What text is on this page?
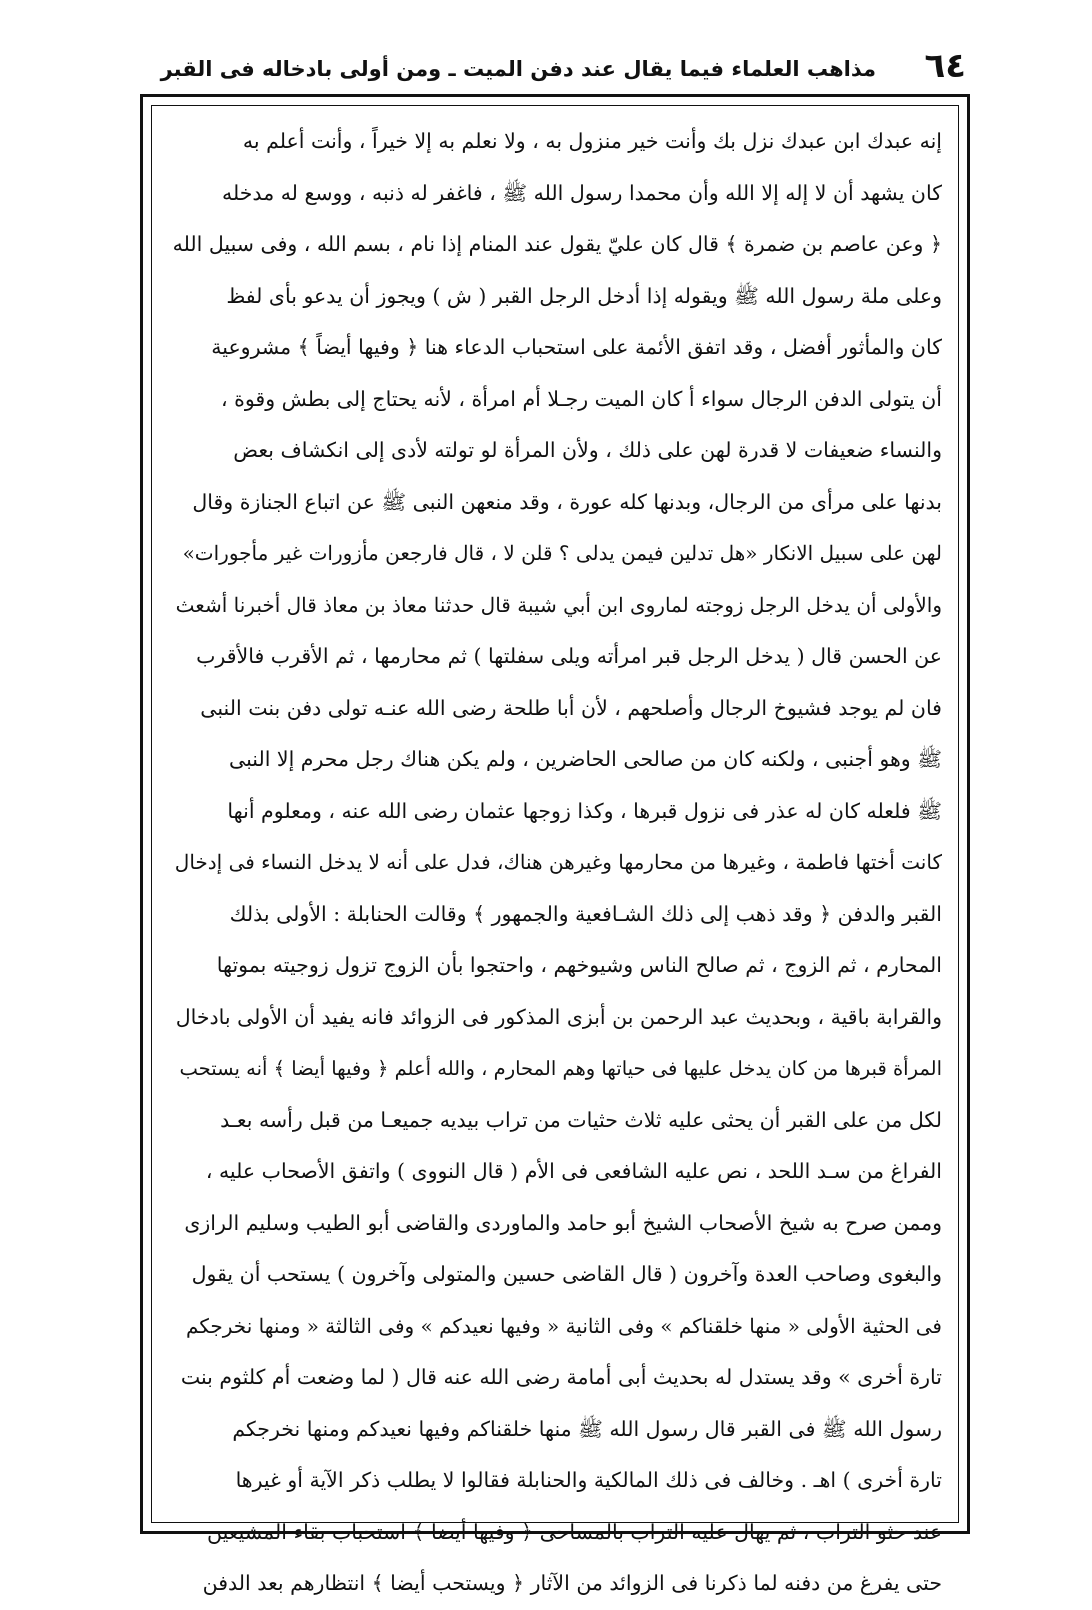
٦٤
مذاهب العلماء فيما يقال عند دفن الميت ـ ومن أولى بادخاله فى القبر
إنه عبدك ابن عبدك نزل بك وأنت خير منزول به ، ولا نعلم به إلا خيراً ، وأنت أعلم به
كان يشهد أن لا إله إلا الله وأن محمدا رسول الله ﷺ ، فاغفر له ذنبه ، ووسع له مدخله
﴿ وعن عاصم بن ضمرة ﴾ قال كان عليّ يقول عند المنام إذا نام ، بسم الله ، وفى سبيل الله
وعلى ملة رسول الله ﷺ ويقوله إذا أدخل الرجل القبر ( ش ) ويجوز أن يدعو بأى لفظ
كان والمأثور أفضل ، وقد اتفق الأئمة على استحباب الدعاء هنا ﴿ وفيها أيضاً ﴾ مشروعية
أن يتولى الدفن الرجال سواء أ كان الميت رجـلا أم امرأة ، لأنه يحتاج إلى بطش وقوة ،
والنساء ضعيفات لا قدرة لهن على ذلك ، ولأن المرأة لو تولته لأدى إلى انكشاف بعض
بدنها على مرأى من الرجال، وبدنها كله عورة ، وقد منعهن النبى ﷺ عن اتباع الجنازة وقال
لهن على سبيل الانكار «هل تدلين فيمن يدلى ؟ قلن لا ، قال فارجعن مأزورات غير مأجورات»
والأولى أن يدخل الرجل زوجته لماروى ابن أبي شيبة قال حدثنا معاذ بن معاذ قال أخبرنا أشعث
عن الحسن قال ( يدخل الرجل قبر امرأته ويلى سفلتها ) ثم محارمها ، ثم الأقرب فالأقرب
فان لم يوجد فشيوخ الرجال وأصلحهم ، لأن أبا طلحة رضى الله عنـه تولى دفن بنت النبى
ﷺ وهو أجنبى ، ولكنه كان من صالحى الحاضرين ، ولم يكن هناك رجل محرم إلا النبى
ﷺ فلعله كان له عذر فى نزول قبرها ، وكذا زوجها عثمان رضى الله عنه ، ومعلوم أنها
كانت أختها فاطمة ، وغيرها من محارمها وغيرهن هناك، فدل على أنه لا يدخل النساء فى إدخال
القبر والدفن ﴿ وقد ذهب إلى ذلك الشـافعية والجمهور ﴾ وقالت الحنابلة : الأولى بذلك
المحارم ، ثم الزوج ، ثم صالح الناس وشيوخهم ، واحتجوا بأن الزوج تزول زوجيته بموتها
والقرابة باقية ، وبحديث عبد الرحمن بن أبزى المذكور فى الزوائد فانه يفيد أن الأولى بادخال
المرأة قبرها من كان يدخل عليها فى حياتها وهم المحارم ، والله أعلم ﴿ وفيها أيضا ﴾ أنه يستحب
لكل من على القبر أن يحثى عليه ثلاث حثيات من تراب بيديه جميعـا من قبل رأسه بعـد
الفراغ من سـد اللحد ، نص عليه الشافعى فى الأم ( قال النووى ) واتفق الأصحاب عليه ،
وممن صرح به شيخ الأصحاب الشيخ أبو حامد والماوردى والقاضى أبو الطيب وسليم الرازى
والبغوى وصاحب العدة وآخرون ( قال القاضى حسين والمتولى وآخرون ) يستحب أن يقول
فى الحثية الأولى « منها خلقناكم » وفى الثانية « وفيها نعيدكم » وفى الثالثة « ومنها نخرجكم
تارة أخرى » وقد يستدل له بحديث أبى أمامة رضى الله عنه قال ( لما وضعت أم كلثوم بنت
رسول الله ﷺ فى القبر قال رسول الله ﷺ منها خلقناكم وفيها نعيدكم ومنها نخرجكم
تارة أخرى ) اهـ . وخالف فى ذلك المالكية والحنابلة فقالوا لا يطلب ذكر الآية أو غيرها
عند حثو التراب ، ثم يهال عليه التراب بالمساحى ﴿ وفيها أيضا ﴾ استحباب بقاء المشيعين
حتى يفرغ من دفنه لما ذكرنا فى الزوائد من الآثار ﴿ ويستحب أيضا ﴾ انتظارهم بعد الدفن
